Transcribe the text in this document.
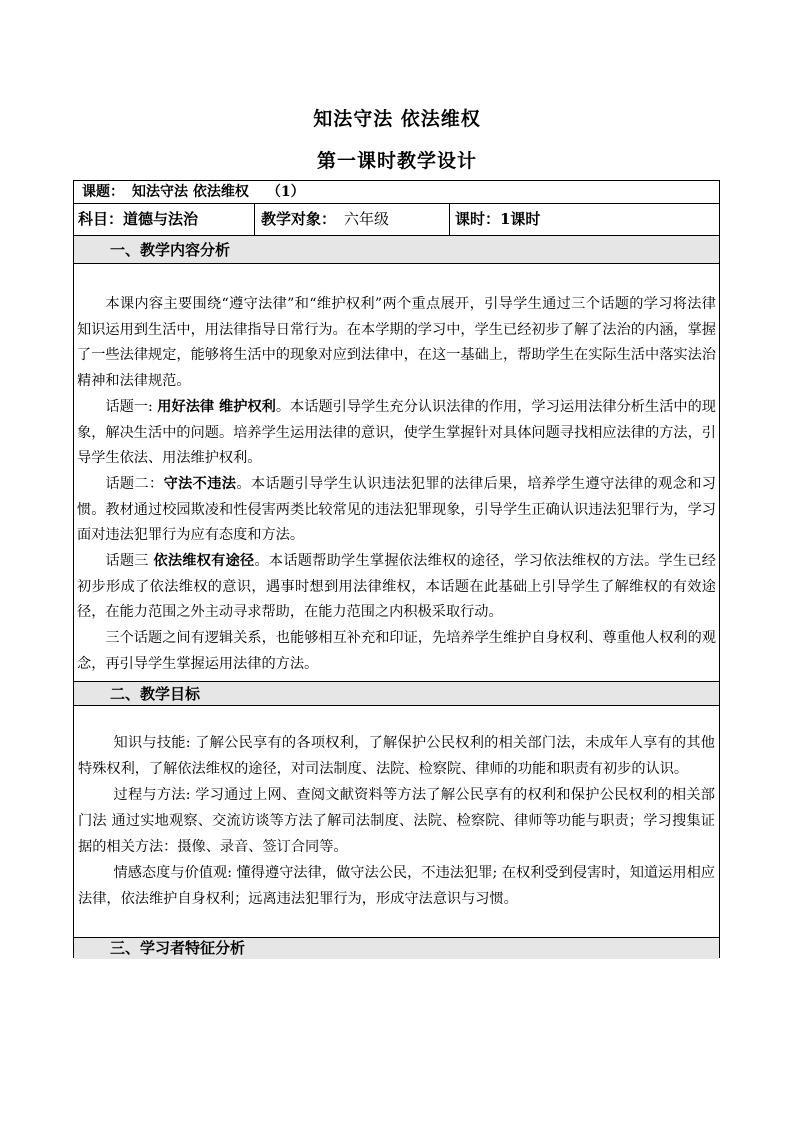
知法守法 依法维权
第一课时教学设计
课题： 知法守法 依法维权 （1）
科目：道德与法治	教学对象： 六年级	课时：1课时
一、教学内容分析

本课内容主要围绕“遵守法律”和“维护权利”两个重点展开，引导学生通过三个话题的学习将法律知识运用到生活中，用法律指导日常行为。在本学期的学习中，学生已经初步了解了法治的内涵，掌握了一些法律规定，能够将生活中的现象对应到法律中，在这一基础上，帮助学生在实际生活中落实法治精神和法律规范。

话题一: 用好法律 维护权利。本话题引导学生充分认识法律的作用，学习运用法律分析生活中的现象，解决生活中的问题。培养学生运用法律的意识，使学生掌握针对具体问题寻找相应法律的方法，引导学生依法、用法维护权利。

话题二：守法不违法。本话题引导学生认识违法犯罪的法律后果，培养学生遵守法律的观念和习惯。教材通过校园欺凌和性侵害两类比较常见的违法犯罪现象，引导学生正确认识违法犯罪行为，学习面对违法犯罪行为应有态度和方法。

话题三 依法维权有途径。本话题帮助学生掌握依法维权的途径，学习依法维权的方法。学生已经初步形成了依法维权的意识，遇事时想到用法律维权，本话题在此基础上引导学生了解维权的有效途径，在能力范围之外主动寻求帮助，在能力范围之内积极采取行动。

三个话题之间有逻辑关系，也能够相互补充和印证，先培养学生维护自身权利、尊重他人权利的观念，再引导学生掌握运用法律的方法。

二、教学目标

知识与技能: 了解公民享有的各项权利，了解保护公民权利的相关部门法，未成年人享有的其他特殊权利，了解依法维权的途径，对司法制度、法院、检察院、律师的功能和职责有初步的认识。

过程与方法: 学习通过上网、查阅文献资料等方法了解公民享有的权利和保护公民权利的相关部门法 通过实地观察、交流访谈等方法了解司法制度、法院、检察院、律师等功能与职责；学习搜集证据的相关方法：摄像、录音、签订合同等。

情感态度与价值观: 懂得遵守法律，做守法公民，不违法犯罪; 在权利受到侵害时，知道运用相应法律，依法维护自身权利；远离违法犯罪行为，形成守法意识与习惯。

三、学习者特征分析
